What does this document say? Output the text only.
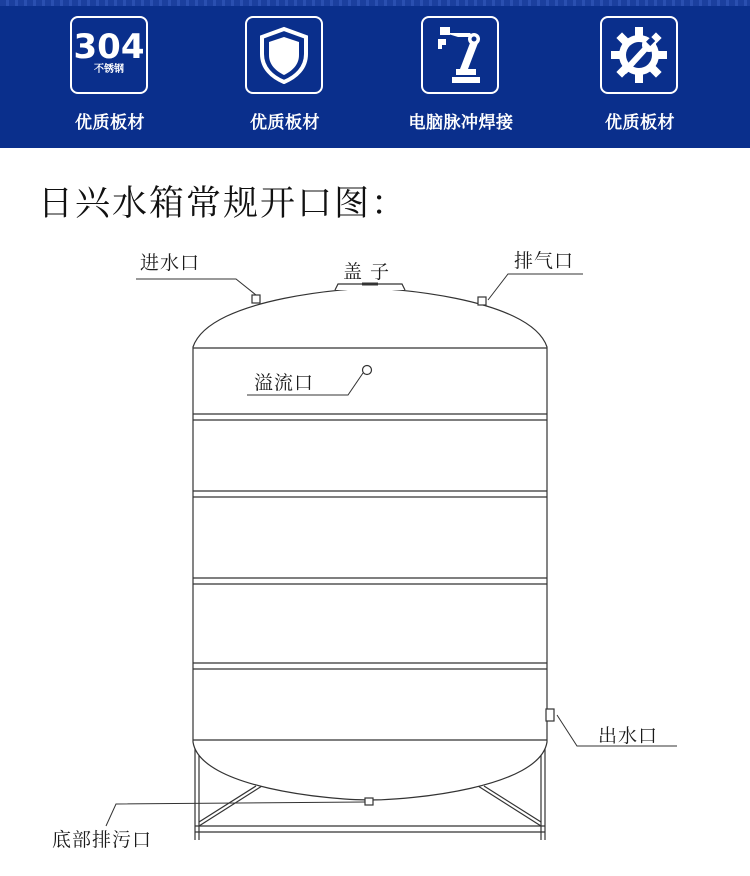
304
不锈钢
优质板材	优质板材	电脑脉冲焊接	优质板材
日兴水箱常规开口图：
进水口	盖 子	排气口
溢流口
出水口
底部排污口
